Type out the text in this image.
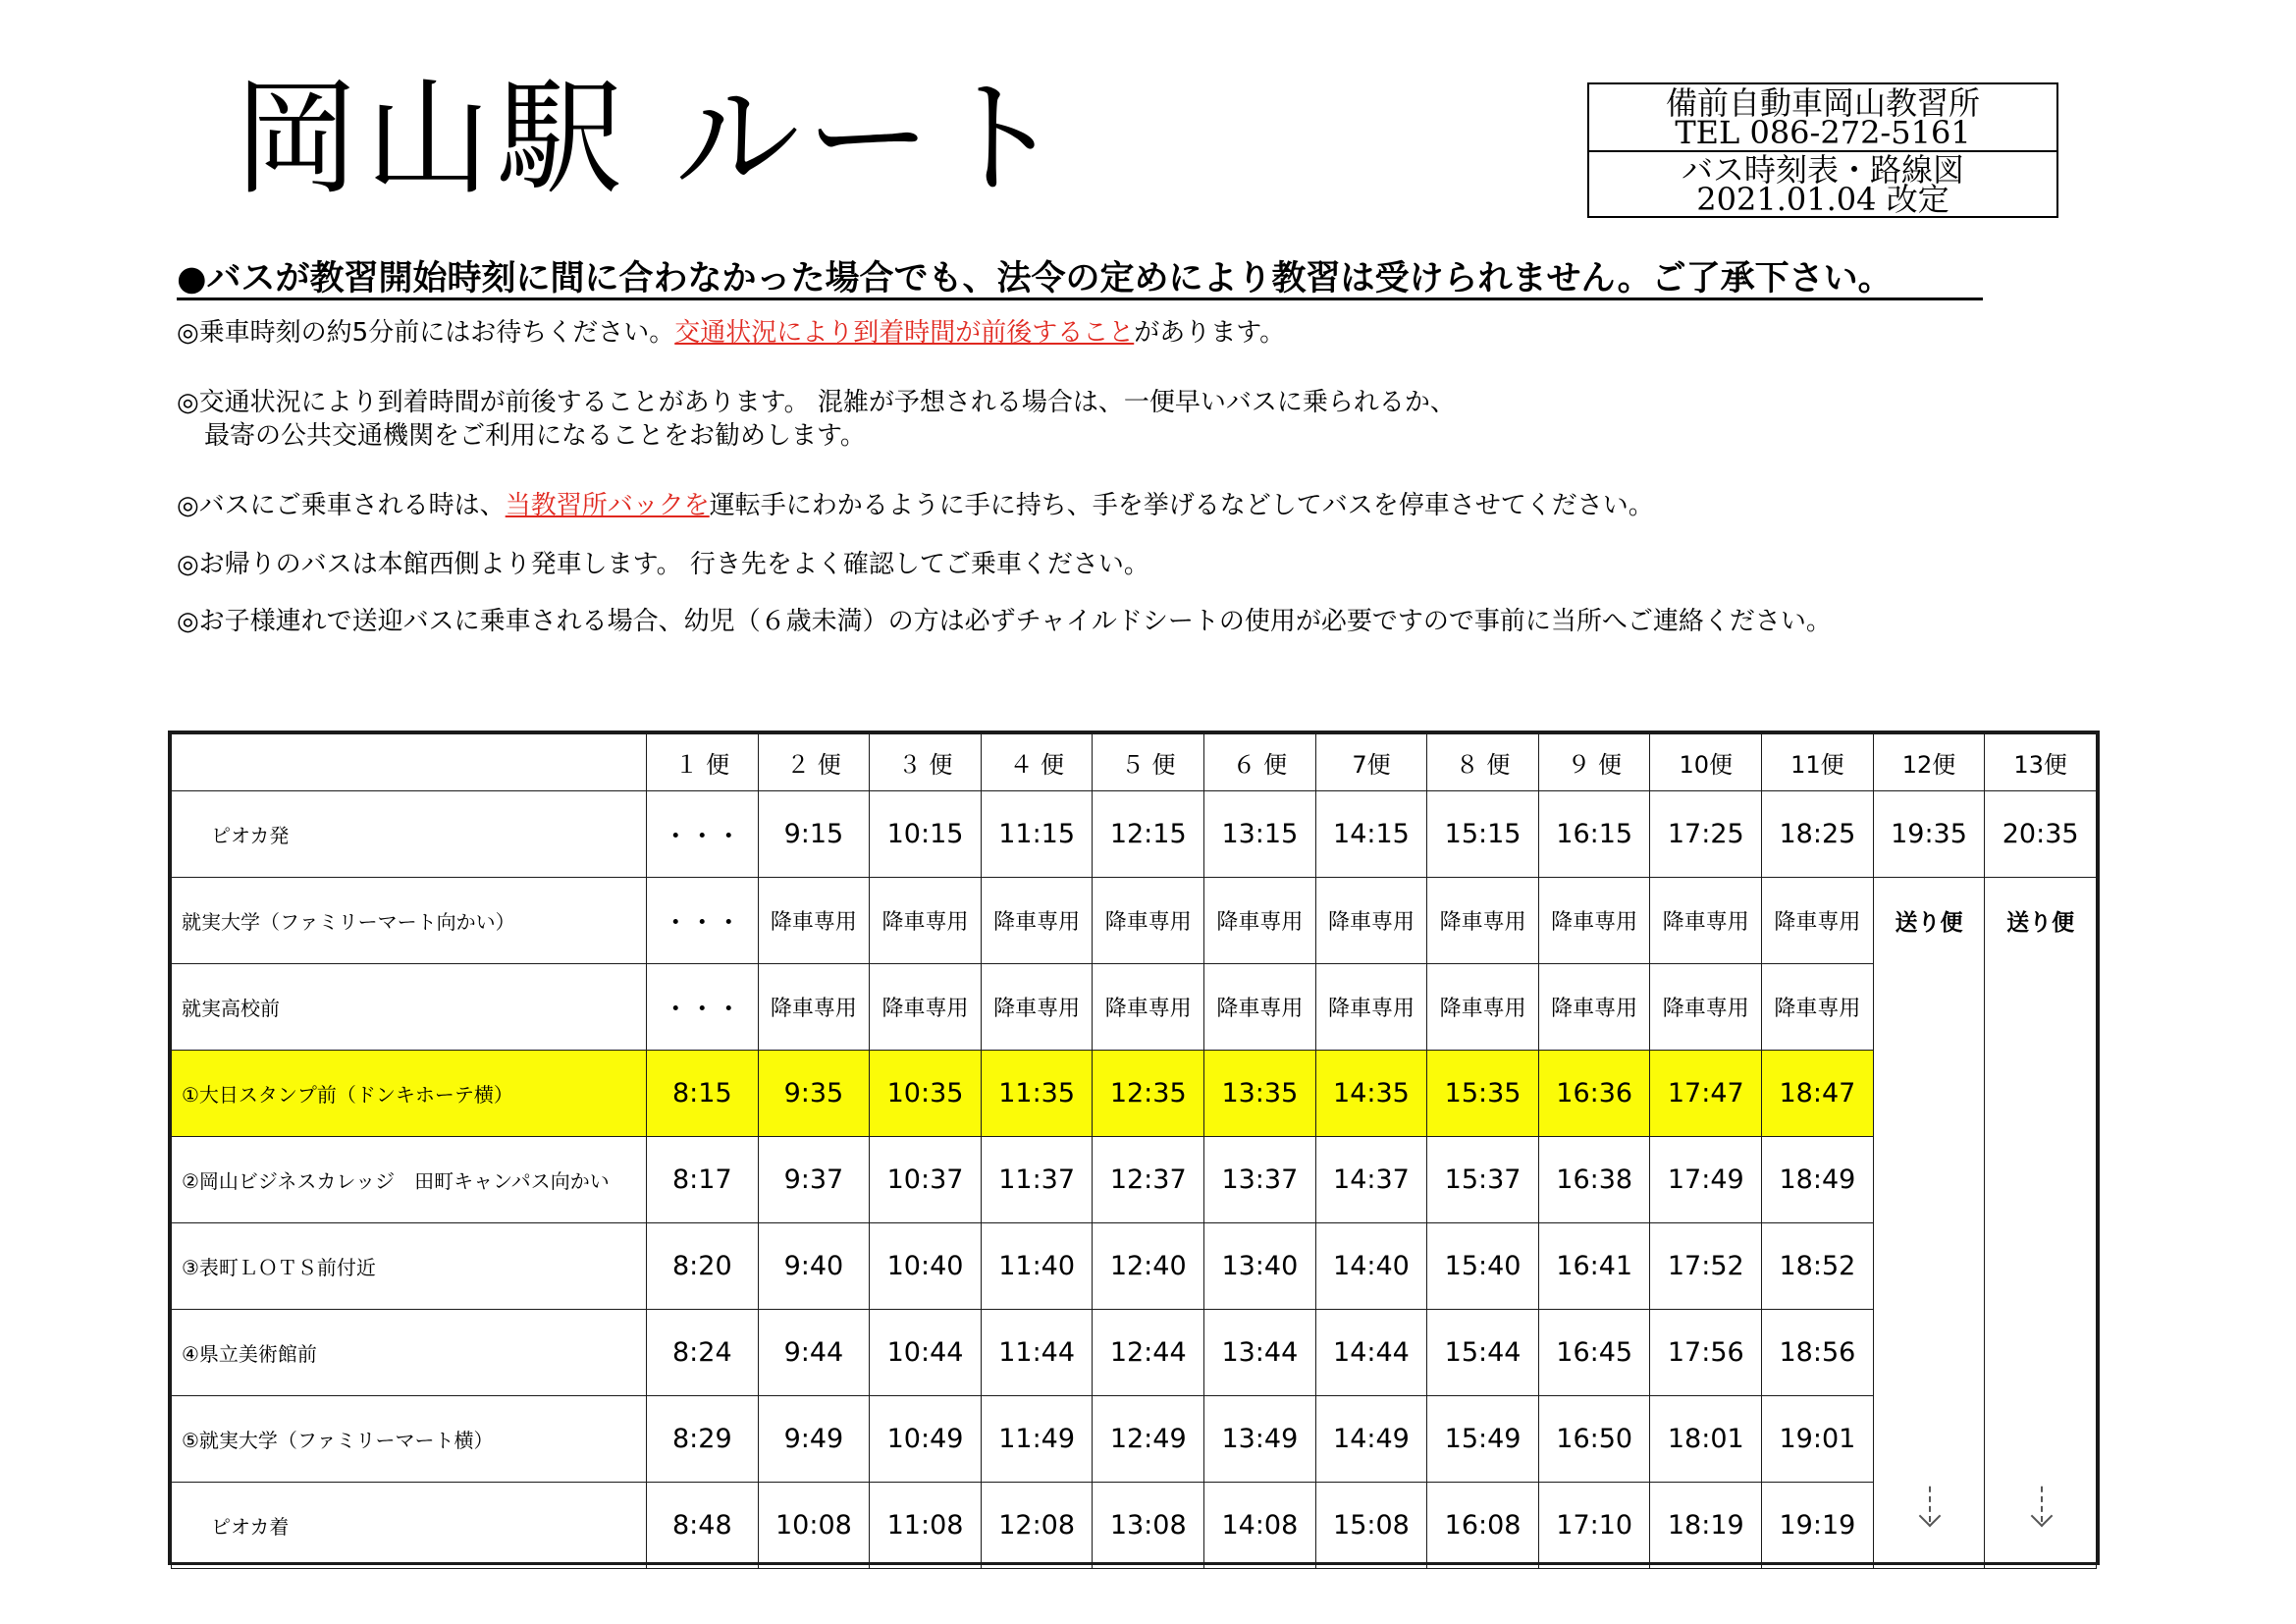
岡山駅 ルート	備前自動車岡山教習所
TEL 086-272-5161
バス時刻表・路線図
2021.01.04 改定
●バスが教習開始時刻に間に合わなかった場合でも、法令の定めにより教習は受けられません。ご了承下さい。
◎乗車時刻の約5分前にはお待ちください。交通状況により到着時間が前後することがあります。
◎交通状況により到着時間が前後することがあります。 混雑が予想される場合は、一便早いバスに乗られるか、
最寄の公共交通機関をご利用になることをお勧めします。
◎バスにご乗車される時は、当教習所バックを運転手にわかるように手に持ち、手を挙げるなどしてバスを停車させてください。
◎お帰りのバスは本館西側より発車します。 行き先をよく確認してご乗車ください。
◎お子様連れで送迎バスに乗車される場合、幼児（６歳未満）の方は必ずチャイルドシートの使用が必要ですので事前に当所へご連絡ください。
	１ 便	２ 便	３ 便	４ 便	５ 便	６ 便	7便	８ 便	９ 便	10便	11便	12便	13便
ピオカ発	・・・	9:15	10:15	11:15	12:15	13:15	14:15	15:15	16:15	17:25	18:25	19:35	20:35
就実大学（ファミリーマート向かい）	・・・	降車専用	降車専用	降車専用	降車専用	降車専用	降車専用	降車専用	降車専用	降車専用	降車専用	送り便	送り便
就実高校前	・・・	降車専用	降車専用	降車専用	降車専用	降車専用	降車専用	降車専用	降車専用	降車専用	降車専用		
①大日スタンプ前（ドンキホーテ横）	8:15	9:35	10:35	11:35	12:35	13:35	14:35	15:35	16:36	17:47	18:47		
②岡山ビジネスカレッジ　田町キャンパス向かい	8:17	9:37	10:37	11:37	12:37	13:37	14:37	15:37	16:38	17:49	18:49		
③表町ＬＯＴＳ前付近	8:20	9:40	10:40	11:40	12:40	13:40	14:40	15:40	16:41	17:52	18:52		
④県立美術館前	8:24	9:44	10:44	11:44	12:44	13:44	14:44	15:44	16:45	17:56	18:56		
⑤就実大学（ファミリーマート横）	8:29	9:49	10:49	11:49	12:49	13:49	14:49	15:49	16:50	18:01	19:01		
ピオカ着	8:48	10:08	11:08	12:08	13:08	14:08	15:08	16:08	17:10	18:19	19:19	
